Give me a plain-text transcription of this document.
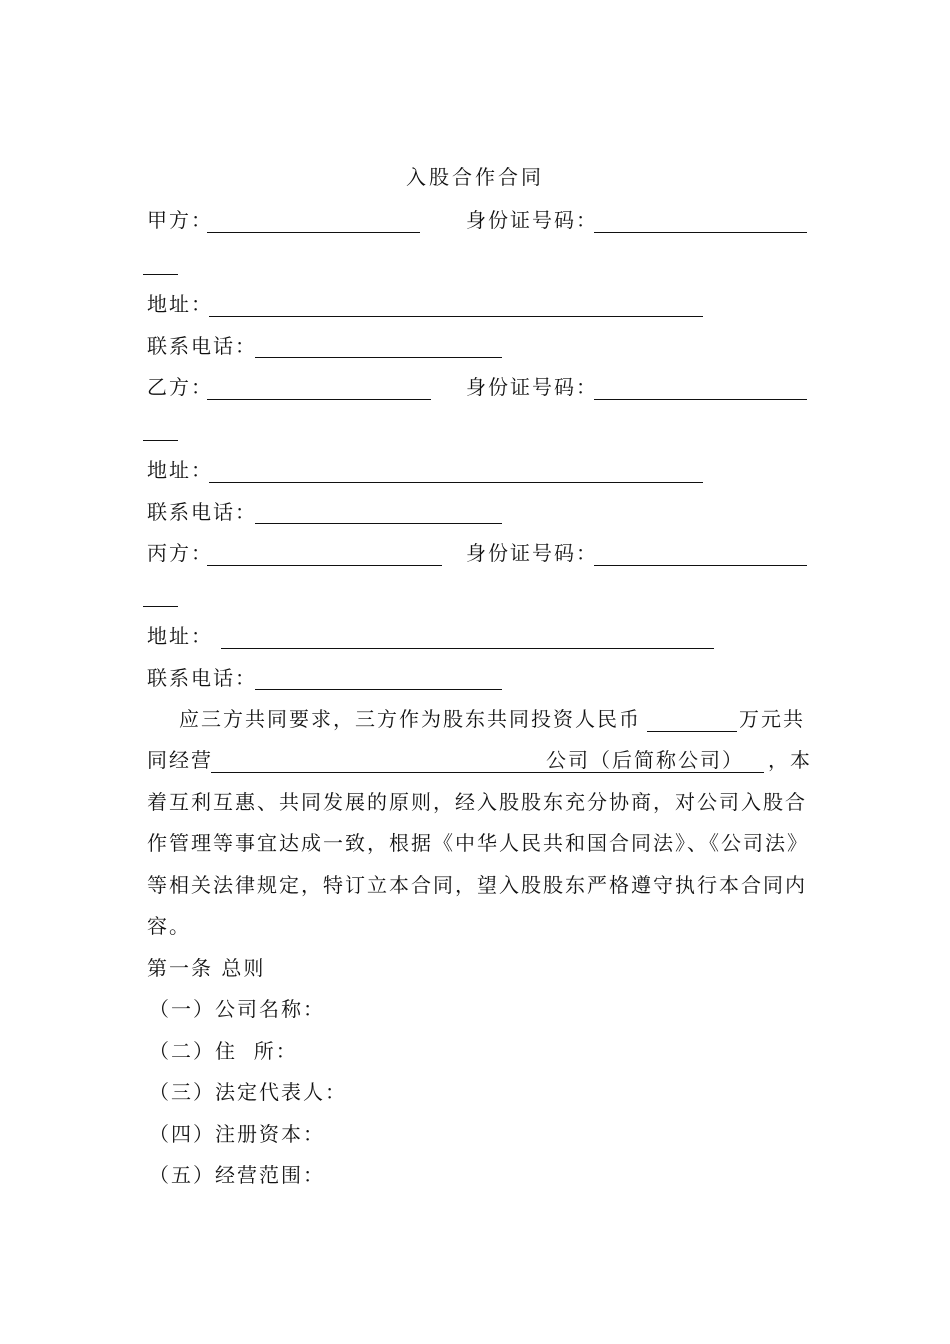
入股合作合同
甲方：	身份证号码：
地址：
联系电话：
乙方：	身份证号码：
地址：
联系电话：
丙方：	身份证号码：
地址：
联系电话：
应三方共同要求，三方作为股东共同投资人民币	万元共
同经营	公司（后简称公司） ，本
着互利互惠、共同发展的原则，经入股股东充分协商，对公司入股合
作管理等事宜达成一致，根据《中华人民共和国合同法》、《公司法》
等相关法律规定，特订立本合同，望入股股东严格遵守执行本合同内
容。
第一条 总则
（一）公司名称：
（二）住  所：
（三）法定代表人：
（四）注册资本：
（五）经营范围：
